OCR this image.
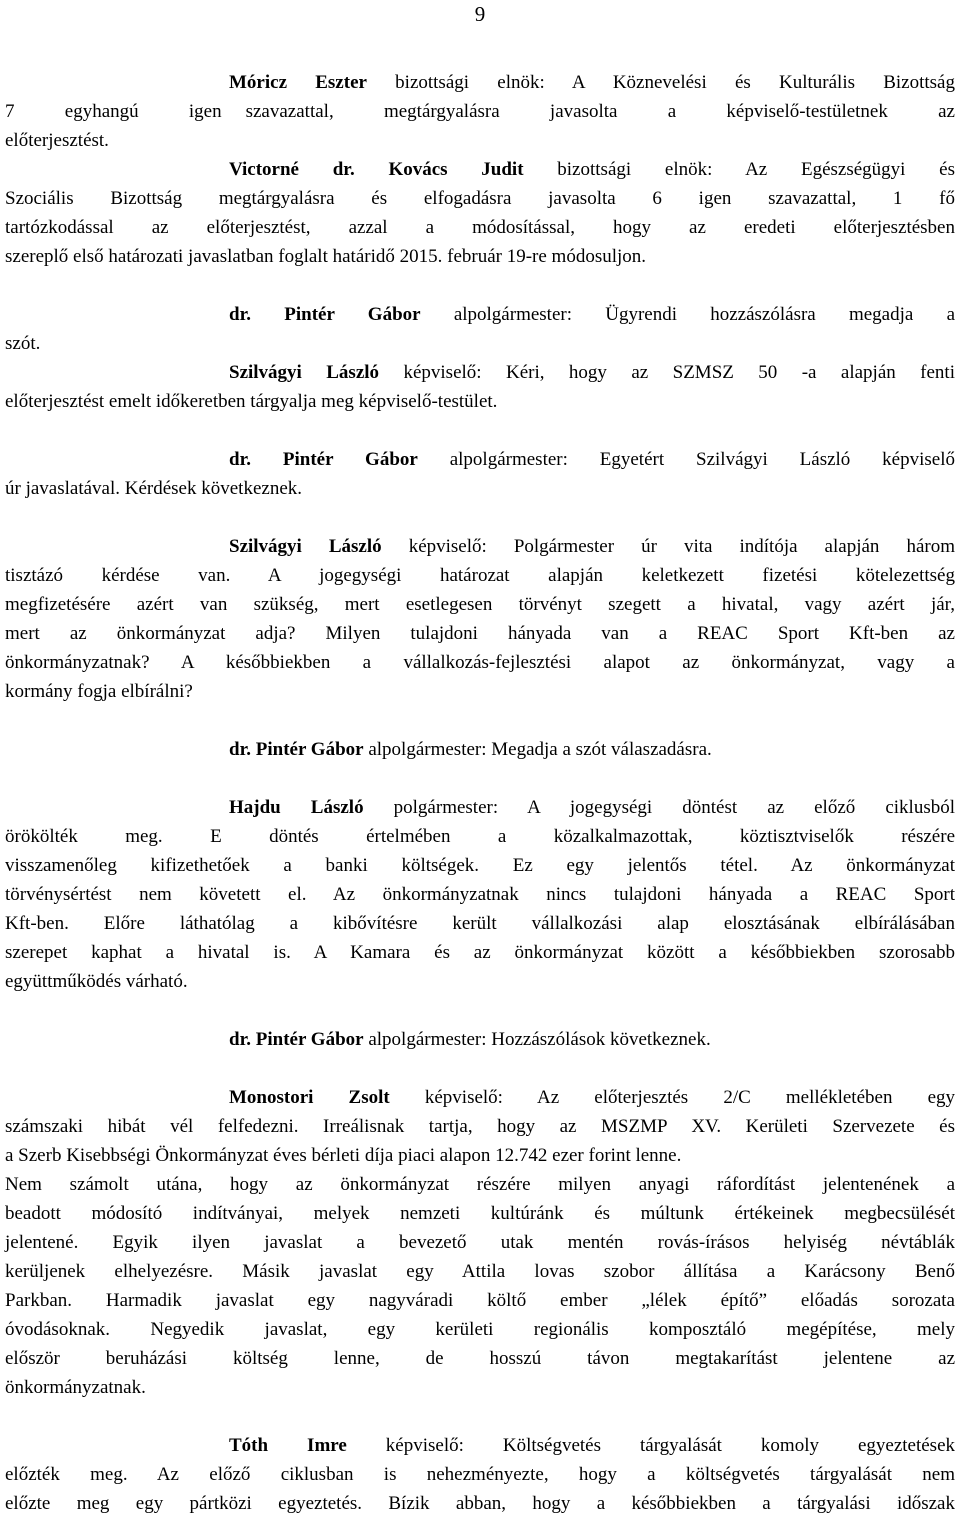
9
Móricz Eszter bizottsági elnök: A Köznevelési és Kulturális Bizottság
7 egyhangú igen szavazattal, megtárgyalásra javasolta a képviselő-testületnek az
előterjesztést.
Victorné dr. Kovács Judit bizottsági elnök: Az Egészségügyi és
Szociális Bizottság megtárgyalásra és elfogadásra javasolta 6 igen szavazattal, 1 fő
tartózkodással az előterjesztést, azzal a módosítással, hogy az eredeti előterjesztésben
szereplő első határozati javaslatban foglalt határidő 2015. február 19-re módosuljon.
dr. Pintér Gábor alpolgármester: Ügyrendi hozzászólásra megadja a
szót.
Szilvágyi László képviselő: Kéri, hogy az SZMSZ 50 -a alapján fenti
előterjesztést emelt időkeretben tárgyalja meg képviselő-testület.
dr. Pintér Gábor alpolgármester: Egyetért Szilvágyi László képviselő
úr javaslatával. Kérdések következnek.
Szilvágyi László képviselő: Polgármester úr vita indítója alapján három
tisztázó kérdése van. A jogegységi határozat alapján keletkezett fizetési kötelezettség
megfizetésére azért van szükség, mert esetlegesen törvényt szegett a hivatal, vagy azért jár,
mert az önkormányzat adja? Milyen tulajdoni hányada van a REAC Sport Kft-ben az
önkormányzatnak? A későbbiekben a vállalkozás-fejlesztési alapot az önkormányzat, vagy a
kormány fogja elbírálni?
dr. Pintér Gábor alpolgármester: Megadja a szót válaszadásra.
Hajdu László polgármester: A jogegységi döntést az előző ciklusból
örökölték meg. E döntés értelmében a közalkalmazottak, köztisztviselők részére
visszamenőleg kifizethetőek a banki költségek. Ez egy jelentős tétel. Az önkormányzat
törvénysértést nem követett el. Az önkormányzatnak nincs tulajdoni hányada a REAC Sport
Kft-ben. Előre láthatólag a kibővítésre került vállalkozási alap elosztásának elbírálásában
szerepet kaphat a hivatal is. A Kamara és az önkormányzat között a későbbiekben szorosabb
együttműködés várható.
dr. Pintér Gábor alpolgármester: Hozzászólások következnek.
Monostori Zsolt képviselő: Az előterjesztés 2/C mellékletében egy
számszaki hibát vél felfedezni. Irreálisnak tartja, hogy az MSZMP XV. Kerületi Szervezete és
a Szerb Kisebbségi Önkormányzat éves bérleti díja piaci alapon 12.742 ezer forint lenne.
Nem számolt utána, hogy az önkormányzat részére milyen anyagi ráfordítást jelentenének a
beadott módosító indítványai, melyek nemzeti kultúránk és múltunk értékeinek megbecsülését
jelentené. Egyik ilyen javaslat a bevezető utak mentén rovás-írásos helyiség névtáblák
kerüljenek elhelyezésre. Másik javaslat egy Attila lovas szobor állítása a Karácsony Benő
Parkban. Harmadik javaslat egy nagyváradi költő ember „lélek építő” előadás sorozata
óvodásoknak. Negyedik javaslat, egy kerületi regionális komposztáló megépítése, mely
először beruházási költség lenne, de hosszú távon megtakarítást jelentene az
önkormányzatnak.
Tóth Imre képviselő: Költségvetés tárgyalását komoly egyeztetések
előzték meg. Az előző ciklusban is nehezményezte, hogy a költségvetés tárgyalását nem
előzte meg egy pártközi egyeztetés. Bízik abban, hogy a későbbiekben a tárgyalási időszak
